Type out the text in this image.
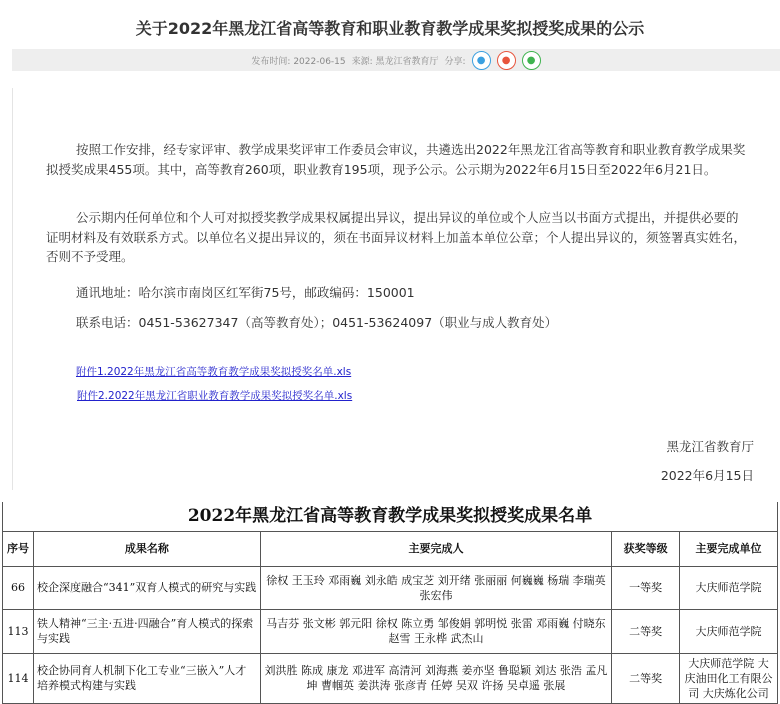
关于2022年黑龙江省高等教育和职业教育教学成果奖拟授奖成果的公示
发布时间: 2022-06-15 来源: 黑龙江省教育厅 分享:	●	●	●
按照工作安排，经专家评审、教学成果奖评审工作委员会审议，共遴选出2022年黑龙江省高等教育和职业教育教学成果奖拟授奖成果455项。其中，高等教育260项，职业教育195项，现予公示。公示期为2022年6月15日至2022年6月21日。
公示期内任何单位和个人可对拟授奖教学成果权属提出异议，提出异议的单位或个人应当以书面方式提出，并提供必要的证明材料及有效联系方式。以单位名义提出异议的，须在书面异议材料上加盖本单位公章；个人提出异议的，须签署真实姓名，否则不予受理。
通讯地址：哈尔滨市南岗区红军街75号，邮政编码：150001
联系电话：0451-53627347（高等教育处）；0451-53624097（职业与成人教育处）
附件1.2022年黑龙江省高等教育教学成果奖拟授奖名单.xls
附件2.2022年黑龙江省职业教育教学成果奖拟授奖名单.xls
黑龙江省教育厅
2022年6月15日
2022年黑龙江省高等教育教学成果奖拟授奖成果名单				
序号	成果名称	主要完成人	获奖等级	主要完成单位
66	校企深度融合“341”双育人模式的研究与实践	徐权 王玉玲 邓雨巍 刘永皓 成宝芝 刘开绪 张丽丽 何巍巍 杨瑞 李瑞英 张宏伟	一等奖	大庆师范学院
113	铁人精神“三主·五进·四融合”育人模式的探索与实践	马吉芬 张文彬 郭元阳 徐权 陈立勇 邹俊娟 郭明悦 张雷 邓雨巍 付晓东 赵雪 王永桦 武杰山	二等奖	大庆师范学院
114	校企协同育人机制下化工专业“三嵌入”人才培养模式构建与实践	刘洪胜 陈成 康龙 邓进军 高清河 刘海燕 姜亦坚 鲁聪颖 刘达 张浩 孟凡坤 曹帼英 姜洪涛 张彦青 任婷 吴双 许扬 吴卓遥 张展	二等奖	大庆师范学院 大庆油田化工有限公司 大庆炼化公司
